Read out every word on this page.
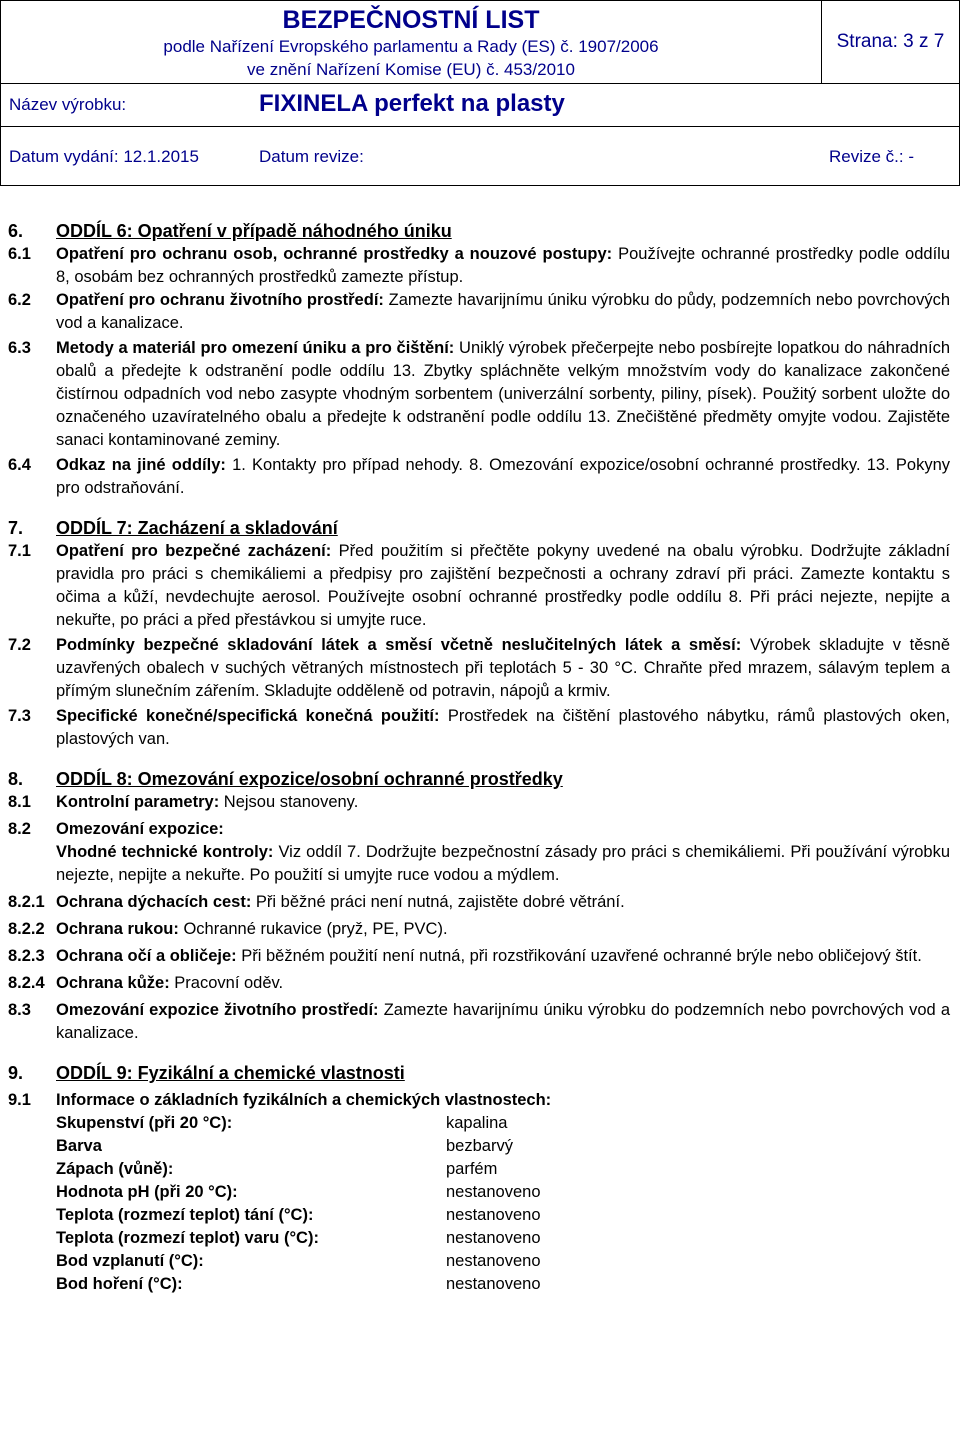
BEZPEČNOSTNÍ LIST
podle Nařízení Evropského parlamentu a Rady (ES) č. 1907/2006
ve znění Nařízení Komise (EU) č. 453/2010
Strana: 3 z 7
Název výrobku:	FIXINELA perfekt na plasty
Datum vydání: 12.1.2015	Datum revize:	Revize č.: -
6.	ODDÍL 6: Opatření v případě náhodného úniku
6.1	Opatření pro ochranu osob, ochranné prostředky a nouzové postupy: Používejte ochranné prostředky podle oddílu 8, osobám bez ochranných prostředků zamezte přístup.
6.2	Opatření pro ochranu životního prostředí: Zamezte havarijnímu úniku výrobku do půdy, podzemních nebo povrchových vod a kanalizace.
6.3	Metody a materiál pro omezení úniku a pro čištění: Uniklý výrobek přečerpejte nebo posbírejte lopatkou do náhradních obalů a předejte k odstranění podle oddílu 13. Zbytky spláchněte velkým množstvím vody do kanalizace zakončené čistírnou odpadních vod nebo zasypte vhodným sorbentem (univerzální sorbenty, piliny, písek). Použitý sorbent uložte do označeného uzavíratelného obalu a předejte k odstranění podle oddílu 13. Znečištěné předměty omyjte vodou. Zajistěte sanaci kontaminované zeminy.
6.4	Odkaz na jiné oddíly: 1. Kontakty pro případ nehody. 8. Omezování expozice/osobní ochranné prostředky. 13. Pokyny pro odstraňování.
7.	ODDÍL 7: Zacházení a skladování
7.1	Opatření pro bezpečné zacházení: Před použitím si přečtěte pokyny uvedené na obalu výrobku. Dodržujte základní pravidla pro práci s chemikáliemi a předpisy pro zajištění bezpečnosti a ochrany zdraví při práci. Zamezte kontaktu s očima a kůží, nevdechujte aerosol. Používejte osobní ochranné prostředky podle oddílu 8. Při práci nejezte, nepijte a nekuřte, po práci a před přestávkou si umyjte ruce.
7.2	Podmínky bezpečné skladování látek a směsí včetně neslučitelných látek a směsí: Výrobek skladujte v těsně uzavřených obalech v suchých větraných místnostech při teplotách 5 - 30 °C. Chraňte před mrazem, sálavým teplem a přímým slunečním zářením. Skladujte odděleně od potravin, nápojů a krmiv.
7.3	Specifické konečné/specifická konečná použití: Prostředek na čištění plastového nábytku, rámů plastových oken, plastových van.
8.	ODDÍL 8: Omezování expozice/osobní ochranné prostředky
8.1	Kontrolní parametry: Nejsou stanoveny.
8.2	Omezování expozice:
Vhodné technické kontroly: Viz oddíl 7. Dodržujte bezpečnostní zásady pro práci s chemikáliemi. Při používání výrobku nejezte, nepijte a nekuřte. Po použití si umyjte ruce vodou a mýdlem.
8.2.1 Ochrana dýchacích cest: Při běžné práci není nutná, zajistěte dobré větrání.
8.2.2 Ochrana rukou: Ochranné rukavice (pryž, PE, PVC).
8.2.3 Ochrana očí a obličeje: Při běžném použití není nutná, při rozstřikování uzavřené ochranné brýle nebo obličejový štít.
8.2.4 Ochrana kůže: Pracovní oděv.
8.3	Omezování expozice životního prostředí: Zamezte havarijnímu úniku výrobku do podzemních nebo povrchových vod a kanalizace.
9.	ODDÍL 9: Fyzikální a chemické vlastnosti
9.1	Informace o základních fyzikálních a chemických vlastnostech:
Skupenství (při 20 °C):	kapalina
Barva	bezbarvý
Zápach (vůně):	parfém
Hodnota pH (při 20 °C):	nestanoveno
Teplota (rozmezí teplot) tání (°C):	nestanoveno
Teplota (rozmezí teplot) varu (°C):	nestanoveno
Bod vzplanutí (°C):	nestanoveno
Bod hoření (°C):	nestanoveno
